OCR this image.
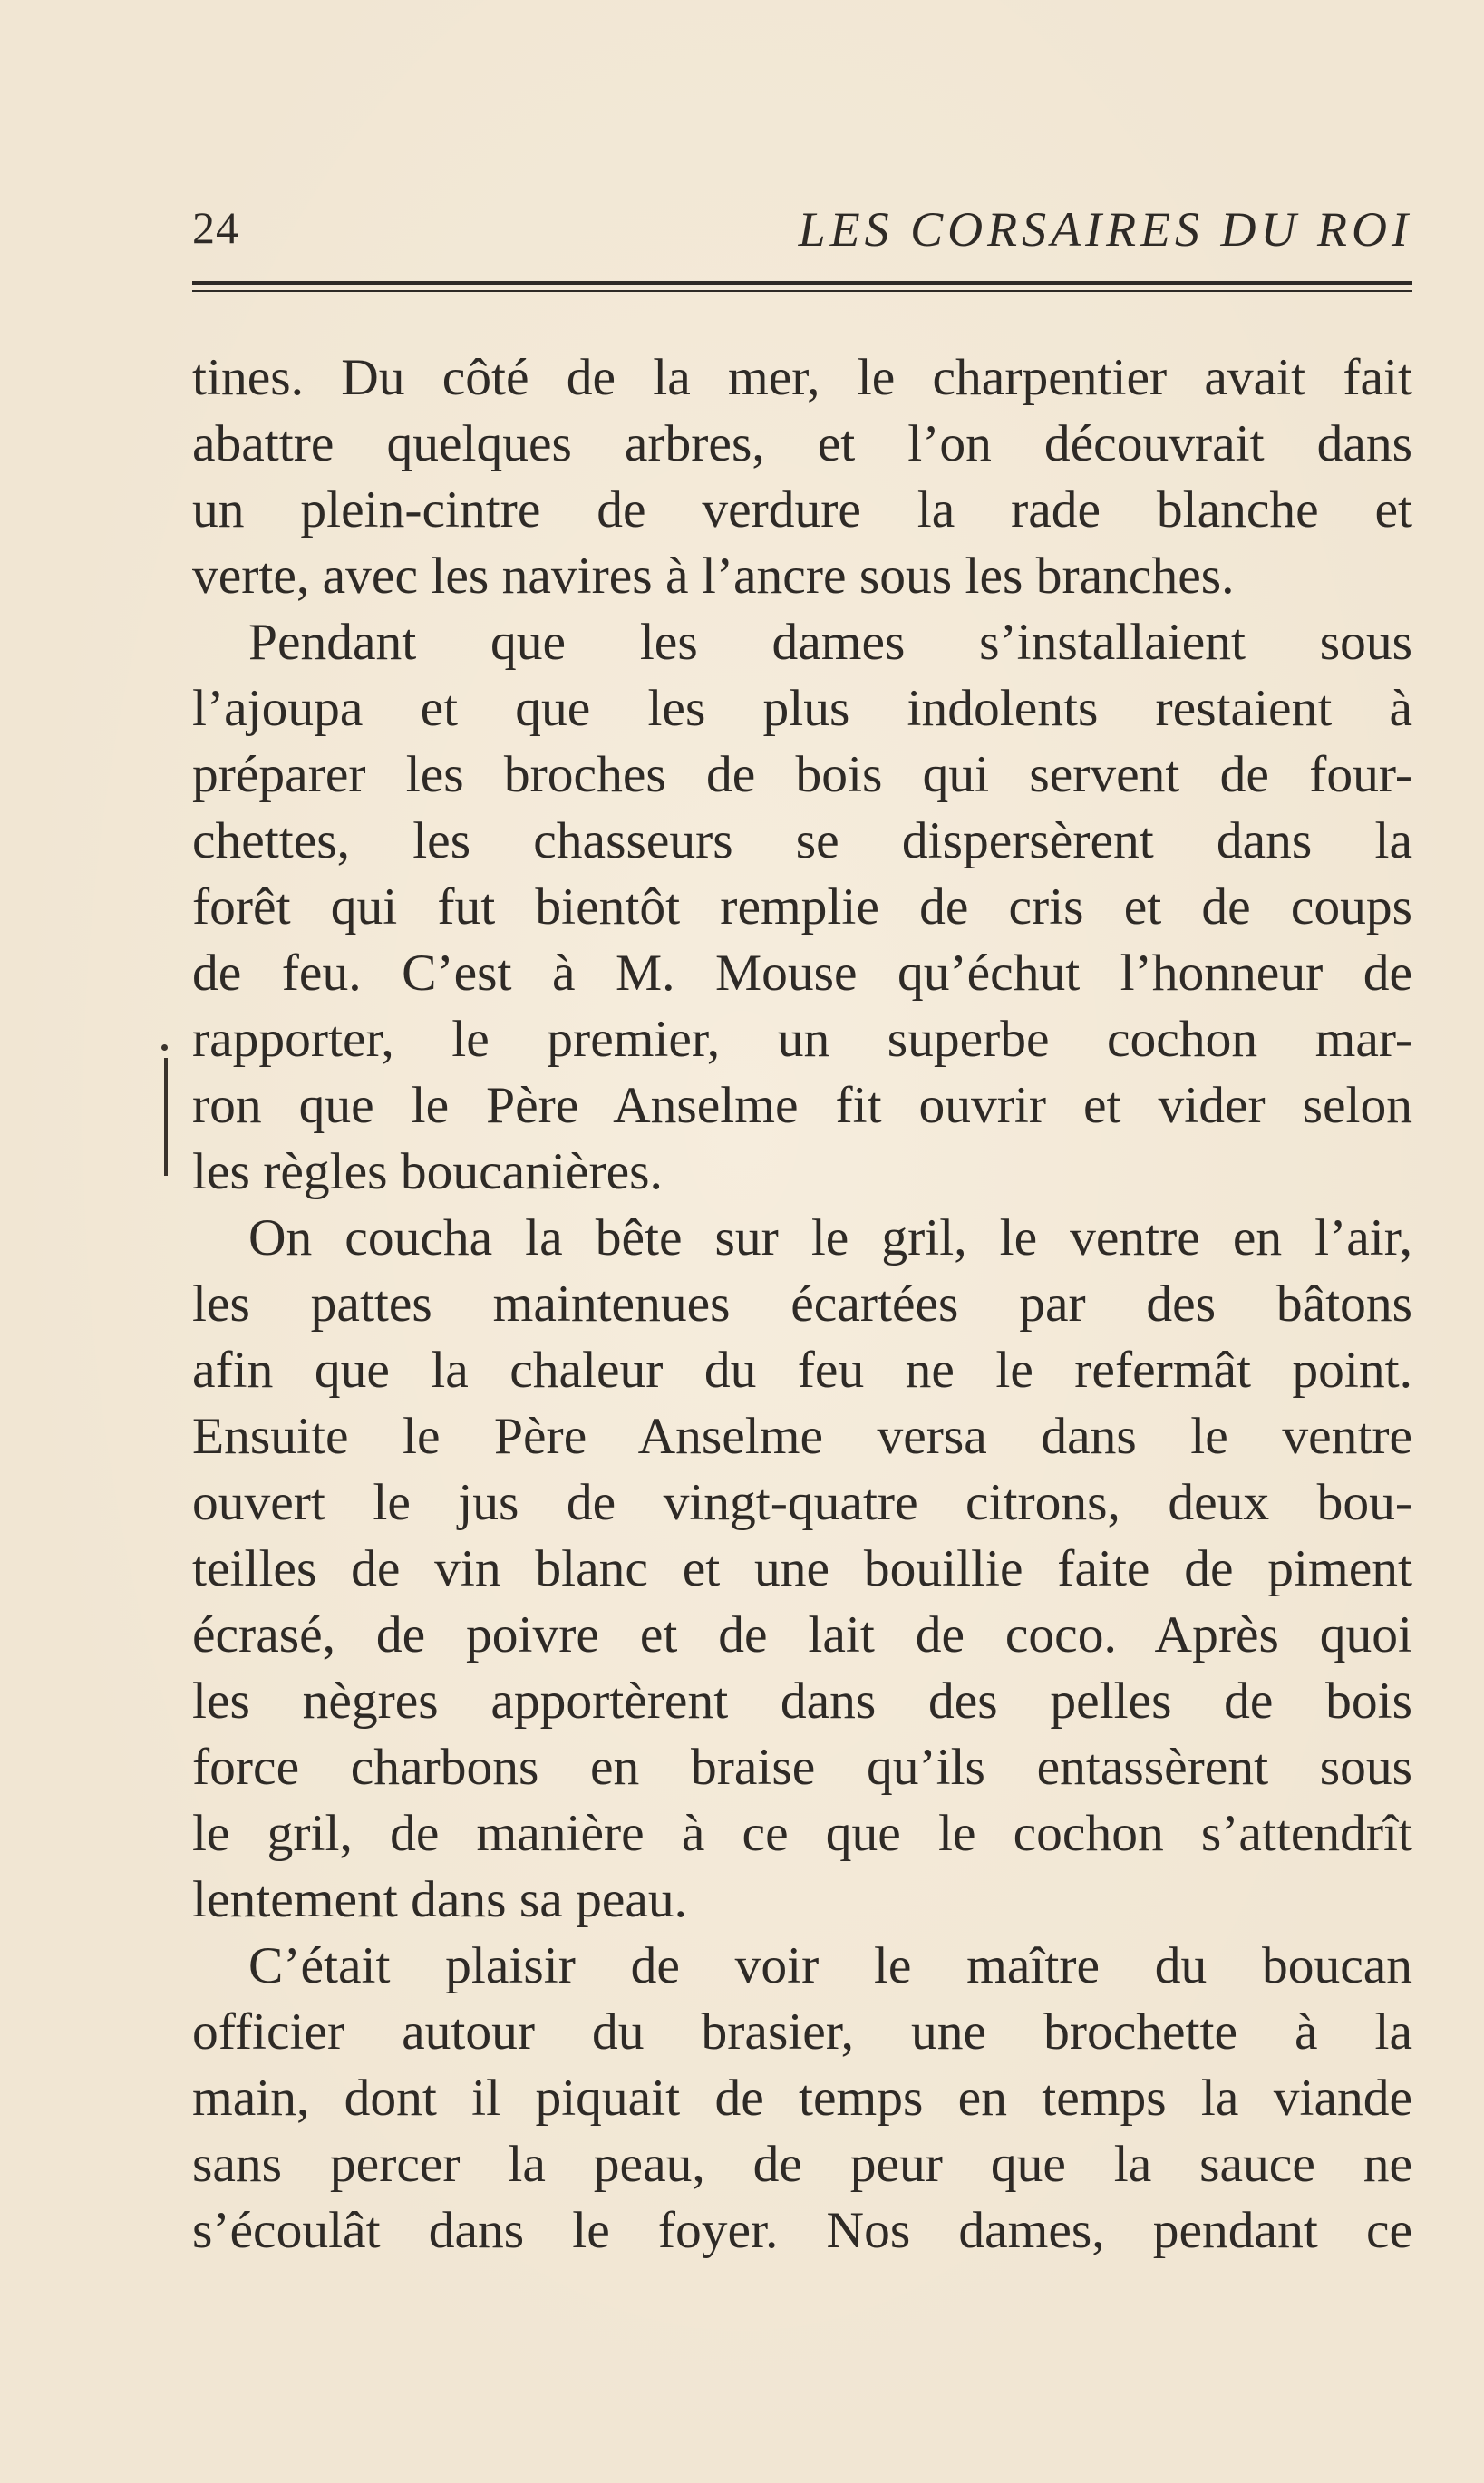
24	LES CORSAIRES DU ROI
tines. Du côté de la mer, le charpentier avait fait
abattre quelques arbres, et l’on découvrait dans
un plein-cintre de verdure la rade blanche et
verte, avec les navires à l’ancre sous les branches.
Pendant que les dames s’installaient sous
l’ajoupa et que les plus indolents restaient à
préparer les broches de bois qui servent de four-
chettes, les chasseurs se dispersèrent dans la
forêt qui fut bientôt remplie de cris et de coups
de feu. C’est à M. Mouse qu’échut l’honneur de
rapporter, le premier, un superbe cochon mar-
ron que le Père Anselme fit ouvrir et vider selon
les règles boucanières.
On coucha la bête sur le gril, le ventre en l’air,
les pattes maintenues écartées par des bâtons
afin que la chaleur du feu ne le refermât point.
Ensuite le Père Anselme versa dans le ventre
ouvert le jus de vingt-quatre citrons, deux bou-
teilles de vin blanc et une bouillie faite de piment
écrasé, de poivre et de lait de coco. Après quoi
les nègres apportèrent dans des pelles de bois
force charbons en braise qu’ils entassèrent sous
le gril, de manière à ce que le cochon s’attendrît
lentement dans sa peau.
C’était plaisir de voir le maître du boucan
officier autour du brasier, une brochette à la
main, dont il piquait de temps en temps la viande
sans percer la peau, de peur que la sauce ne
s’écoulât dans le foyer. Nos dames, pendant ce
